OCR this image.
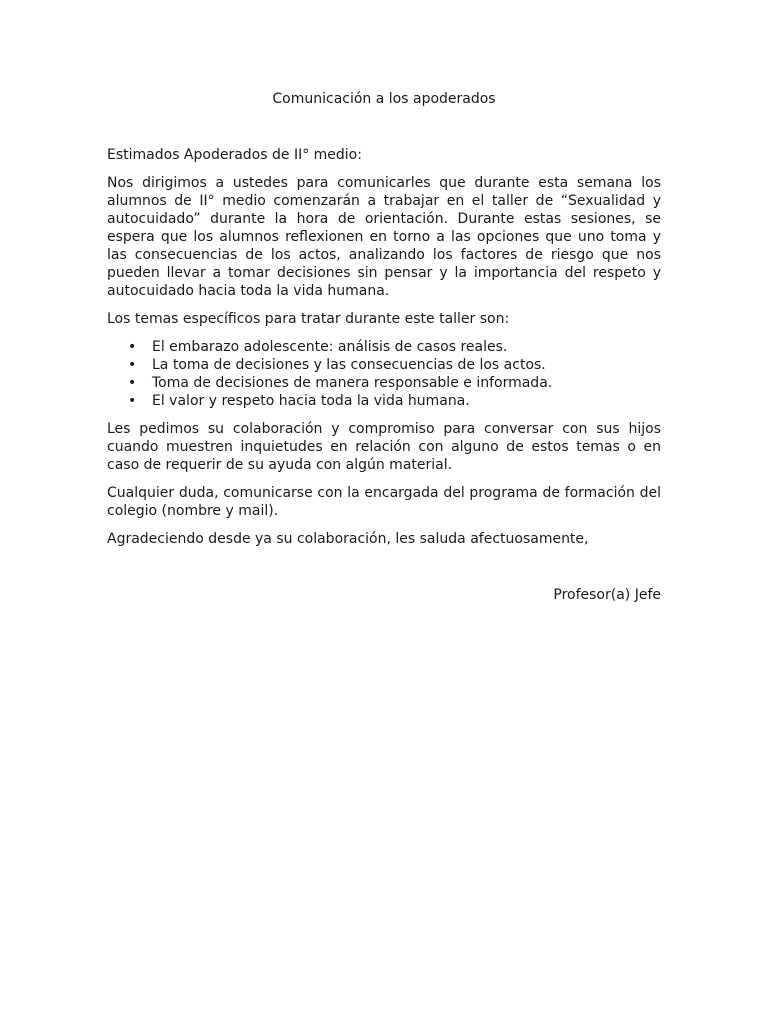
Comunicación a los apoderados
Estimados Apoderados de II° medio:

Nos dirigimos a ustedes para comunicarles que durante esta semana los alumnos de II° medio comenzarán a trabajar en el taller de “Sexualidad y autocuidado” durante la hora de orientación. Durante estas sesiones, se espera que los alumnos reflexionen en torno a las opciones que uno toma y las consecuencias de los actos, analizando los factores de riesgo que nos pueden llevar a tomar decisiones sin pensar y la importancia del respeto y autocuidado hacia toda la vida humana.

Los temas específicos para tratar durante este taller son:

• El embarazo adolescente: análisis de casos reales.
• La toma de decisiones y las consecuencias de los actos.
• Toma de decisiones de manera responsable e informada.
• El valor y respeto hacia toda la vida humana.

Les pedimos su colaboración y compromiso para conversar con sus hijos cuando muestren inquietudes en relación con alguno de estos temas o en caso de requerir de su ayuda con algún material.

Cualquier duda, comunicarse con la encargada del programa de formación del colegio (nombre y mail).

Agradeciendo desde ya su colaboración, les saluda afectuosamente,

Profesor(a) Jefe
